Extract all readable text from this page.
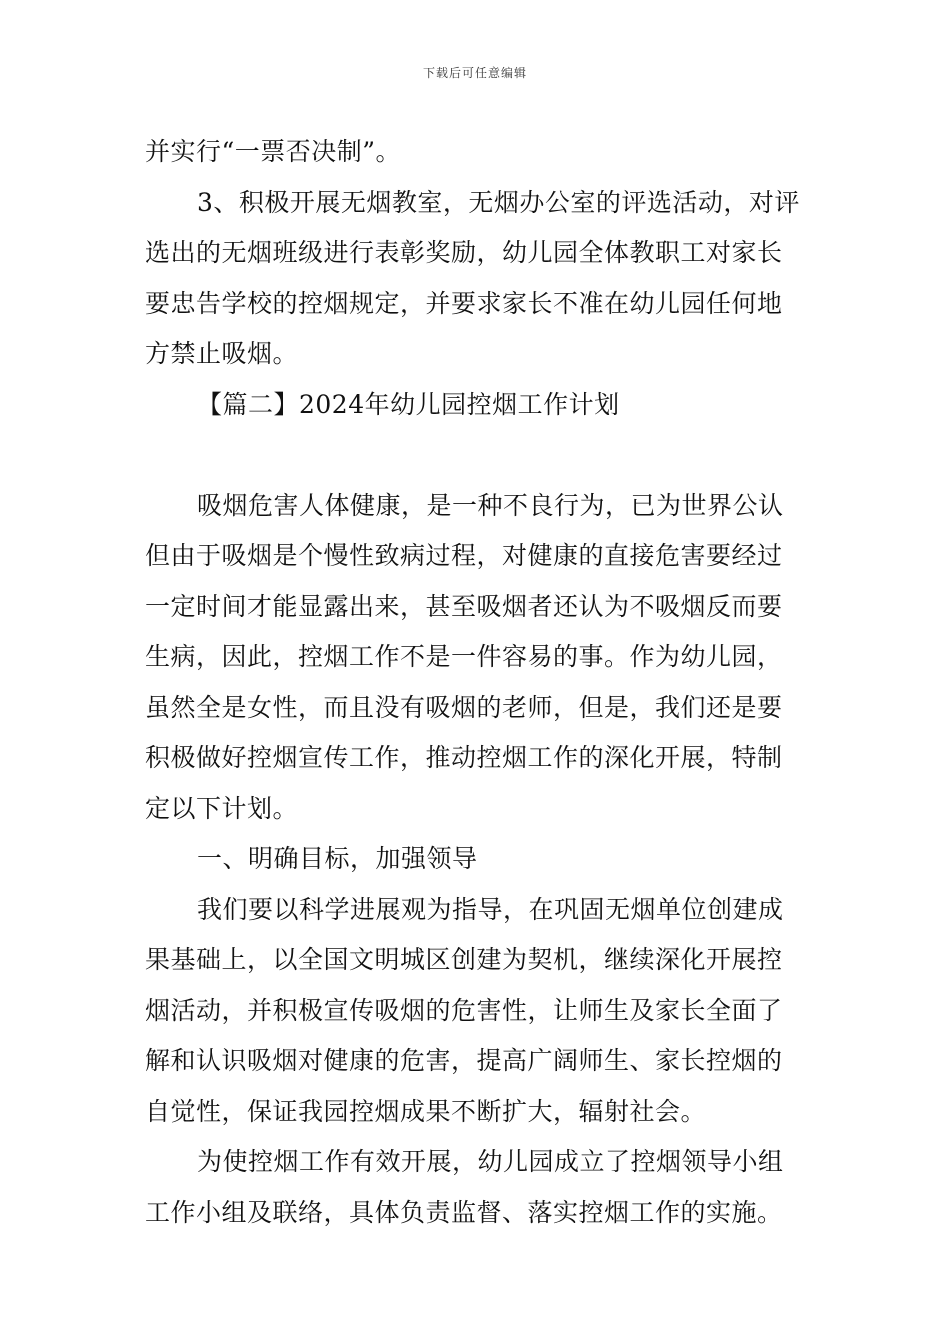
下载后可任意编辑
并实行“一票否决制”。
3、积极开展无烟教室，无烟办公室的评选活动，对评
选出的无烟班级进行表彰奖励，幼儿园全体教职工对家长
要忠告学校的控烟规定，并要求家长不准在幼儿园任何地
方禁止吸烟。
【篇二】2024年幼儿园控烟工作计划
吸烟危害人体健康，是一种不良行为，已为世界公认
但由于吸烟是个慢性致病过程，对健康的直接危害要经过
一定时间才能显露出来，甚至吸烟者还认为不吸烟反而要
生病，因此，控烟工作不是一件容易的事。作为幼儿园，
虽然全是女性，而且没有吸烟的老师，但是，我们还是要
积极做好控烟宣传工作，推动控烟工作的深化开展，特制
定以下计划。
一、明确目标，加强领导
我们要以科学进展观为指导，在巩固无烟单位创建成
果基础上，以全国文明城区创建为契机，继续深化开展控
烟活动，并积极宣传吸烟的危害性，让师生及家长全面了
解和认识吸烟对健康的危害，提高广阔师生、家长控烟的
自觉性，保证我园控烟成果不断扩大，辐射社会。
为使控烟工作有效开展，幼儿园成立了控烟领导小组
工作小组及联络，具体负责监督、落实控烟工作的实施。
